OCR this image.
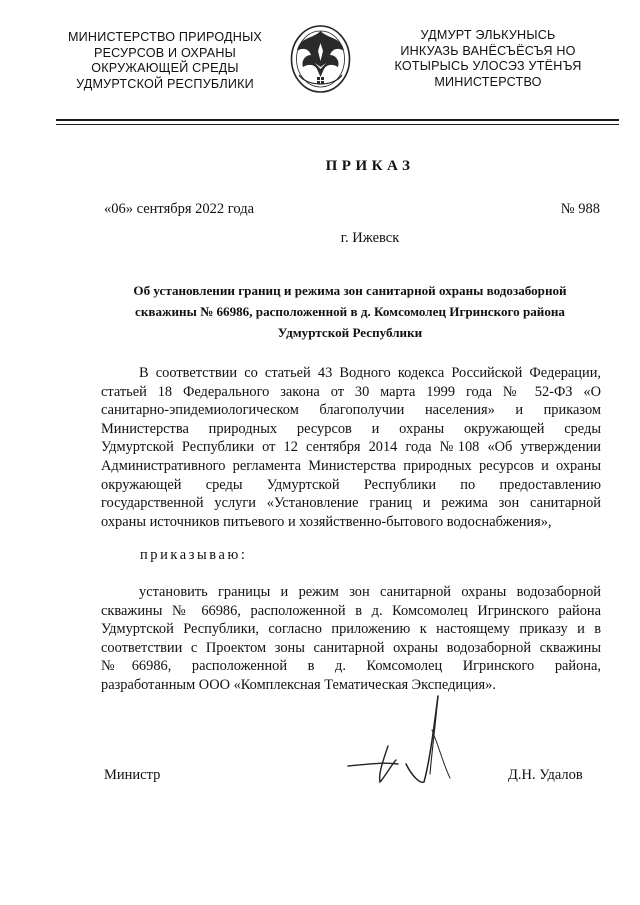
МИНИСТЕРСТВО ПРИРОДНЫХ
РЕСУРСОВ И ОХРАНЫ
ОКРУЖАЮЩЕЙ СРЕДЫ
УДМУРТСКОЙ РЕСПУБЛИКИ
УДМУРТ ЭЛЬКУНЫСЬ
ИНКУАЗЬ ВАНЁСЪЁСЪЯ НО
КОТЫРЫСЬ УЛОСЭЗ УТЁНЪЯ
МИНИСТЕРСТВО
ПРИКАЗ
«06» сентября 2022 года	№ 988
г. Ижевск
Об установлении границ и режима зон санитарной охраны водозаборной
скважины № 66986, расположенной в д. Комсомолец Игринского района
Удмуртской Республики
В соответствии со статьей 43 Водного кодекса Российской Федерации,
статьей 18 Федерального закона от 30 марта 1999 года № 52-ФЗ «О
санитарно-эпидемиологическом благополучии населения» и приказом
Министерства природных ресурсов и охраны окружающей среды
Удмуртской Республики от 12 сентября 2014 года №108 «Об утверждении
Административного регламента Министерства природных ресурсов и охраны
окружающей среды Удмуртской Республики по предоставлению
государственной услуги «Установление границ и режима зон санитарной
охраны источников питьевого и хозяйственно-бытового водоснабжения»,
приказываю:
установить границы и режим зон санитарной охраны водозаборной
скважины № 66986, расположенной в д. Комсомолец Игринского района
Удмуртской Республики, согласно приложению к настоящему приказу и в
соответствии с Проектом зоны санитарной охраны водозаборной скважины
№66986, расположенной в д. Комсомолец Игринского района,
разработанным ООО «Комплексная Тематическая Экспедиция».
Министр	Д.Н. Удалов
